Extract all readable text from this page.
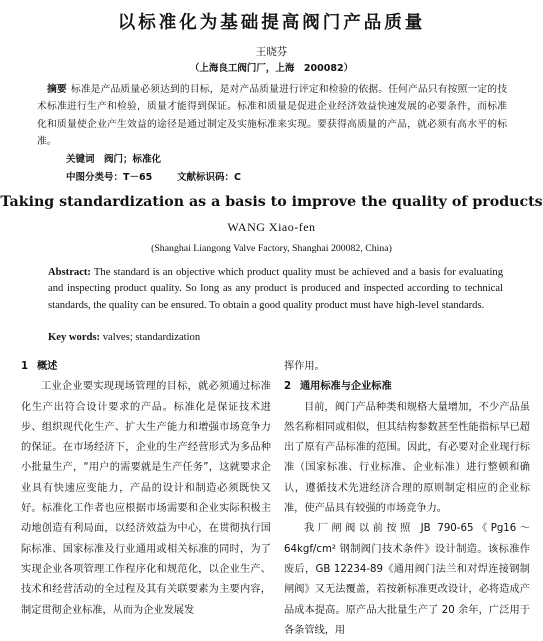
以标准化为基础提高阀门产品质量
王晓芬
（上海良工阀门厂，上海　200082）
摘要 标准是产品质量必须达到的目标，是对产品质量进行评定和检验的依据。任何产品只有按照一定的技术标准进行生产和检验，质量才能得到保证。标准和质量是促进企业经济效益快速发展的必要条件，而标准化和质量使企业产生效益的途径是通过制定及实施标准来实现。要获得高质量的产品，就必须有高水平的标准。
关键词　阀门；标准化
中图分类号：T－65	文献标识码：C
Taking standardization as a basis to improve the quality of products
WANG Xiao-fen
(Shanghai Liangong Valve Factory, Shanghai 200082, China)
Abstract: The standard is an objective which product quality must be achieved and a basis for evaluating and inspecting product quality. So long as any product is produced and inspected according to technical standards, the quality can be ensured. To obtain a good quality product must have high-level standards.
Key words: valves; standardization
1 概述

工业企业要实现现场管理的目标，就必须通过标准化生产出符合设计要求的产品。标准化是保证技术进步、组织现代化生产、扩大生产能力和增强市场竞争力的保证。在市场经济下，企业的生产经营形式为多品种小批量生产，“用户的需要就是生产任务”，这就要求企业具有快速应变能力，产品的设计和制造必须既快又好。标准化工作者也应根据市场需要和企业实际积极主动地创造有利局面，以经济效益为中心，在贯彻执行国际标准、国家标准及行业通用或相关标准的同时，为了实现企业各项管理工作程序化和规范化，以企业生产、技术和经营活动的全过程及其有关联要素为主要内容，制定贯彻企业标准，从而为企业发展发

挥作用。

2 通用标准与企业标准

目前，阀门产品种类和规格大量增加，不少产品虽然名称相同或相似，但其结构参数甚至性能指标早已超出了原有产品标准的范围。因此，有必要对企业现行标准（国家标准、行业标准、企业标准）进行整顿和确认，遵循技术先进经济合理的原则制定相应的企业标准，使产品具有较强的市场竞争力。

我厂闸阀以前按照 JB 790-65《Pg16～64kgf/cm² 钢制阀门技术条件》设计制造。该标准作废后，GB 12234-89《通用阀门法兰和对焊连接钢制闸阀》又无法覆盖，若按新标准更改设计，必将造成产品成本提高。原产品大批量生产了 20 余年，广泛用于各条管线，用
